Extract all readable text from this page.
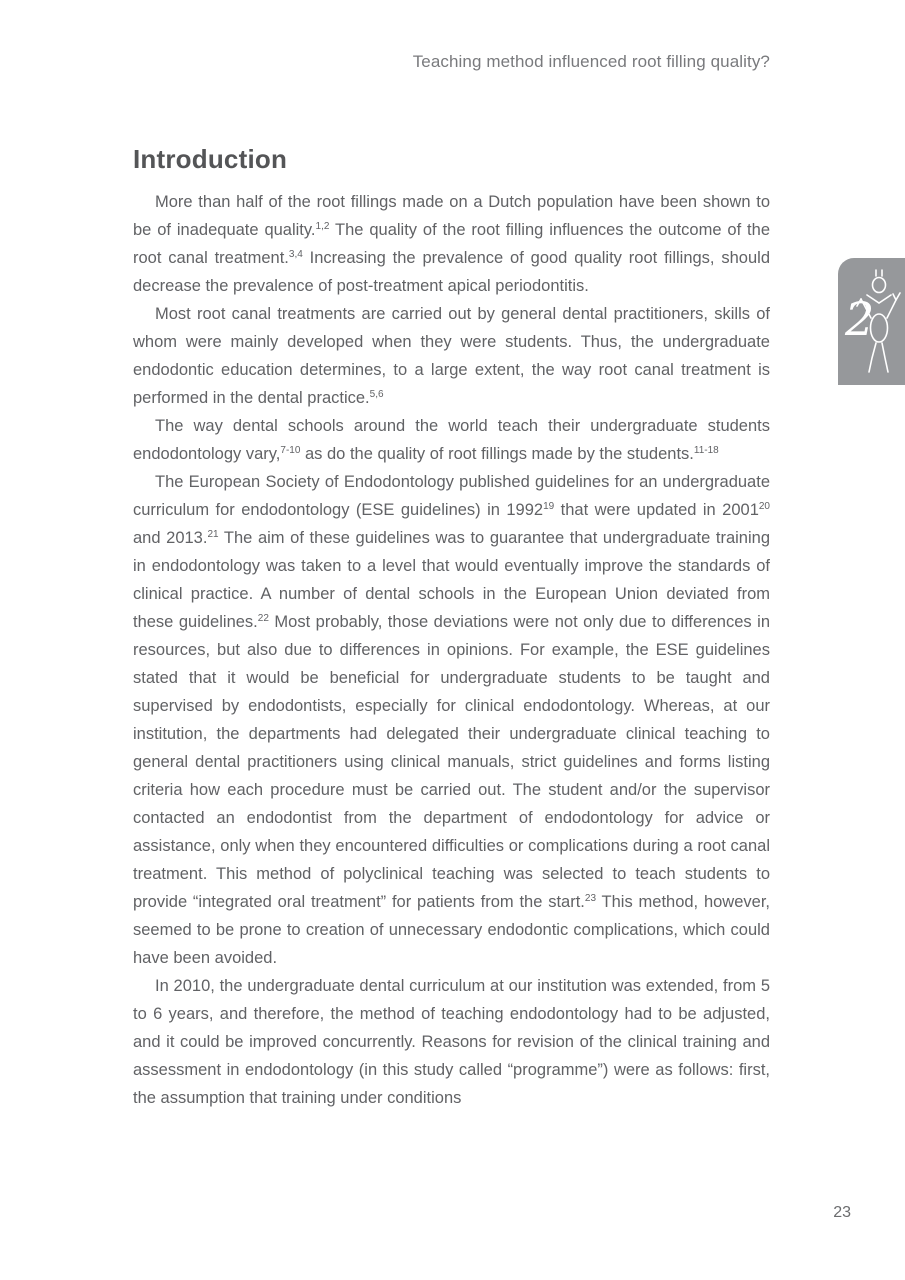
Teaching method influenced root filling quality?
Introduction

More than half of the root fillings made on a Dutch population have been shown to be of inadequate quality.$^{1,2}$ The quality of the root filling influences the outcome of the root canal treatment.$^{3,4}$ Increasing the prevalence of good quality root fillings, should decrease the prevalence of post-treatment apical periodontitis.

Most root canal treatments are carried out by general dental practitioners, skills of whom were mainly developed when they were students. Thus, the undergraduate endodontic education determines, to a large extent, the way root canal treatment is performed in the dental practice.$^{5,6}$

The way dental schools around the world teach their undergraduate students endodontology vary,$^{7-10}$ as do the quality of root fillings made by the students.$^{11-18}$

The European Society of Endodontology published guidelines for an undergraduate curriculum for endodontology (ESE guidelines) in 1992$^{19}$ that were updated in 2001$^{20}$ and 2013.21 The aim of these guidelines was to guarantee that undergraduate training in endodontology was taken to a level that would eventually improve the standards of clinical practice. A number of dental schools in the European Union deviated from these guidelines.$^{22}$ Most probably, those deviations were not only due to differences in resources, but also due to differences in opinions. For example, the ESE guidelines stated that it would be beneficial for undergraduate students to be taught and supervised by endodontists, especially for clinical endodontology. Whereas, at our institution, the departments had delegated their undergraduate clinical teaching to general dental practitioners using clinical manuals, strict guidelines and forms listing criteria how each procedure must be carried out. The student and/or the supervisor contacted an endodontist from the department of endodontology for advice or assistance, only when they encountered difficulties or complications during a root canal treatment. This method of polyclinical teaching was selected to teach students to provide “integrated oral treatment” for patients from the start.$^{23}$ This method, however, seemed to be prone to creation of unnecessary endodontic complications, which could have been avoided.

In 2010, the undergraduate dental curriculum at our institution was extended, from 5 to 6 years, and therefore, the method of teaching endodontology had to be adjusted, and it could be improved concurrently. Reasons for revision of the clinical training and assessment in endodontology (in this study called “programme”) were as follows: first, the assumption that training under conditions

2
23
